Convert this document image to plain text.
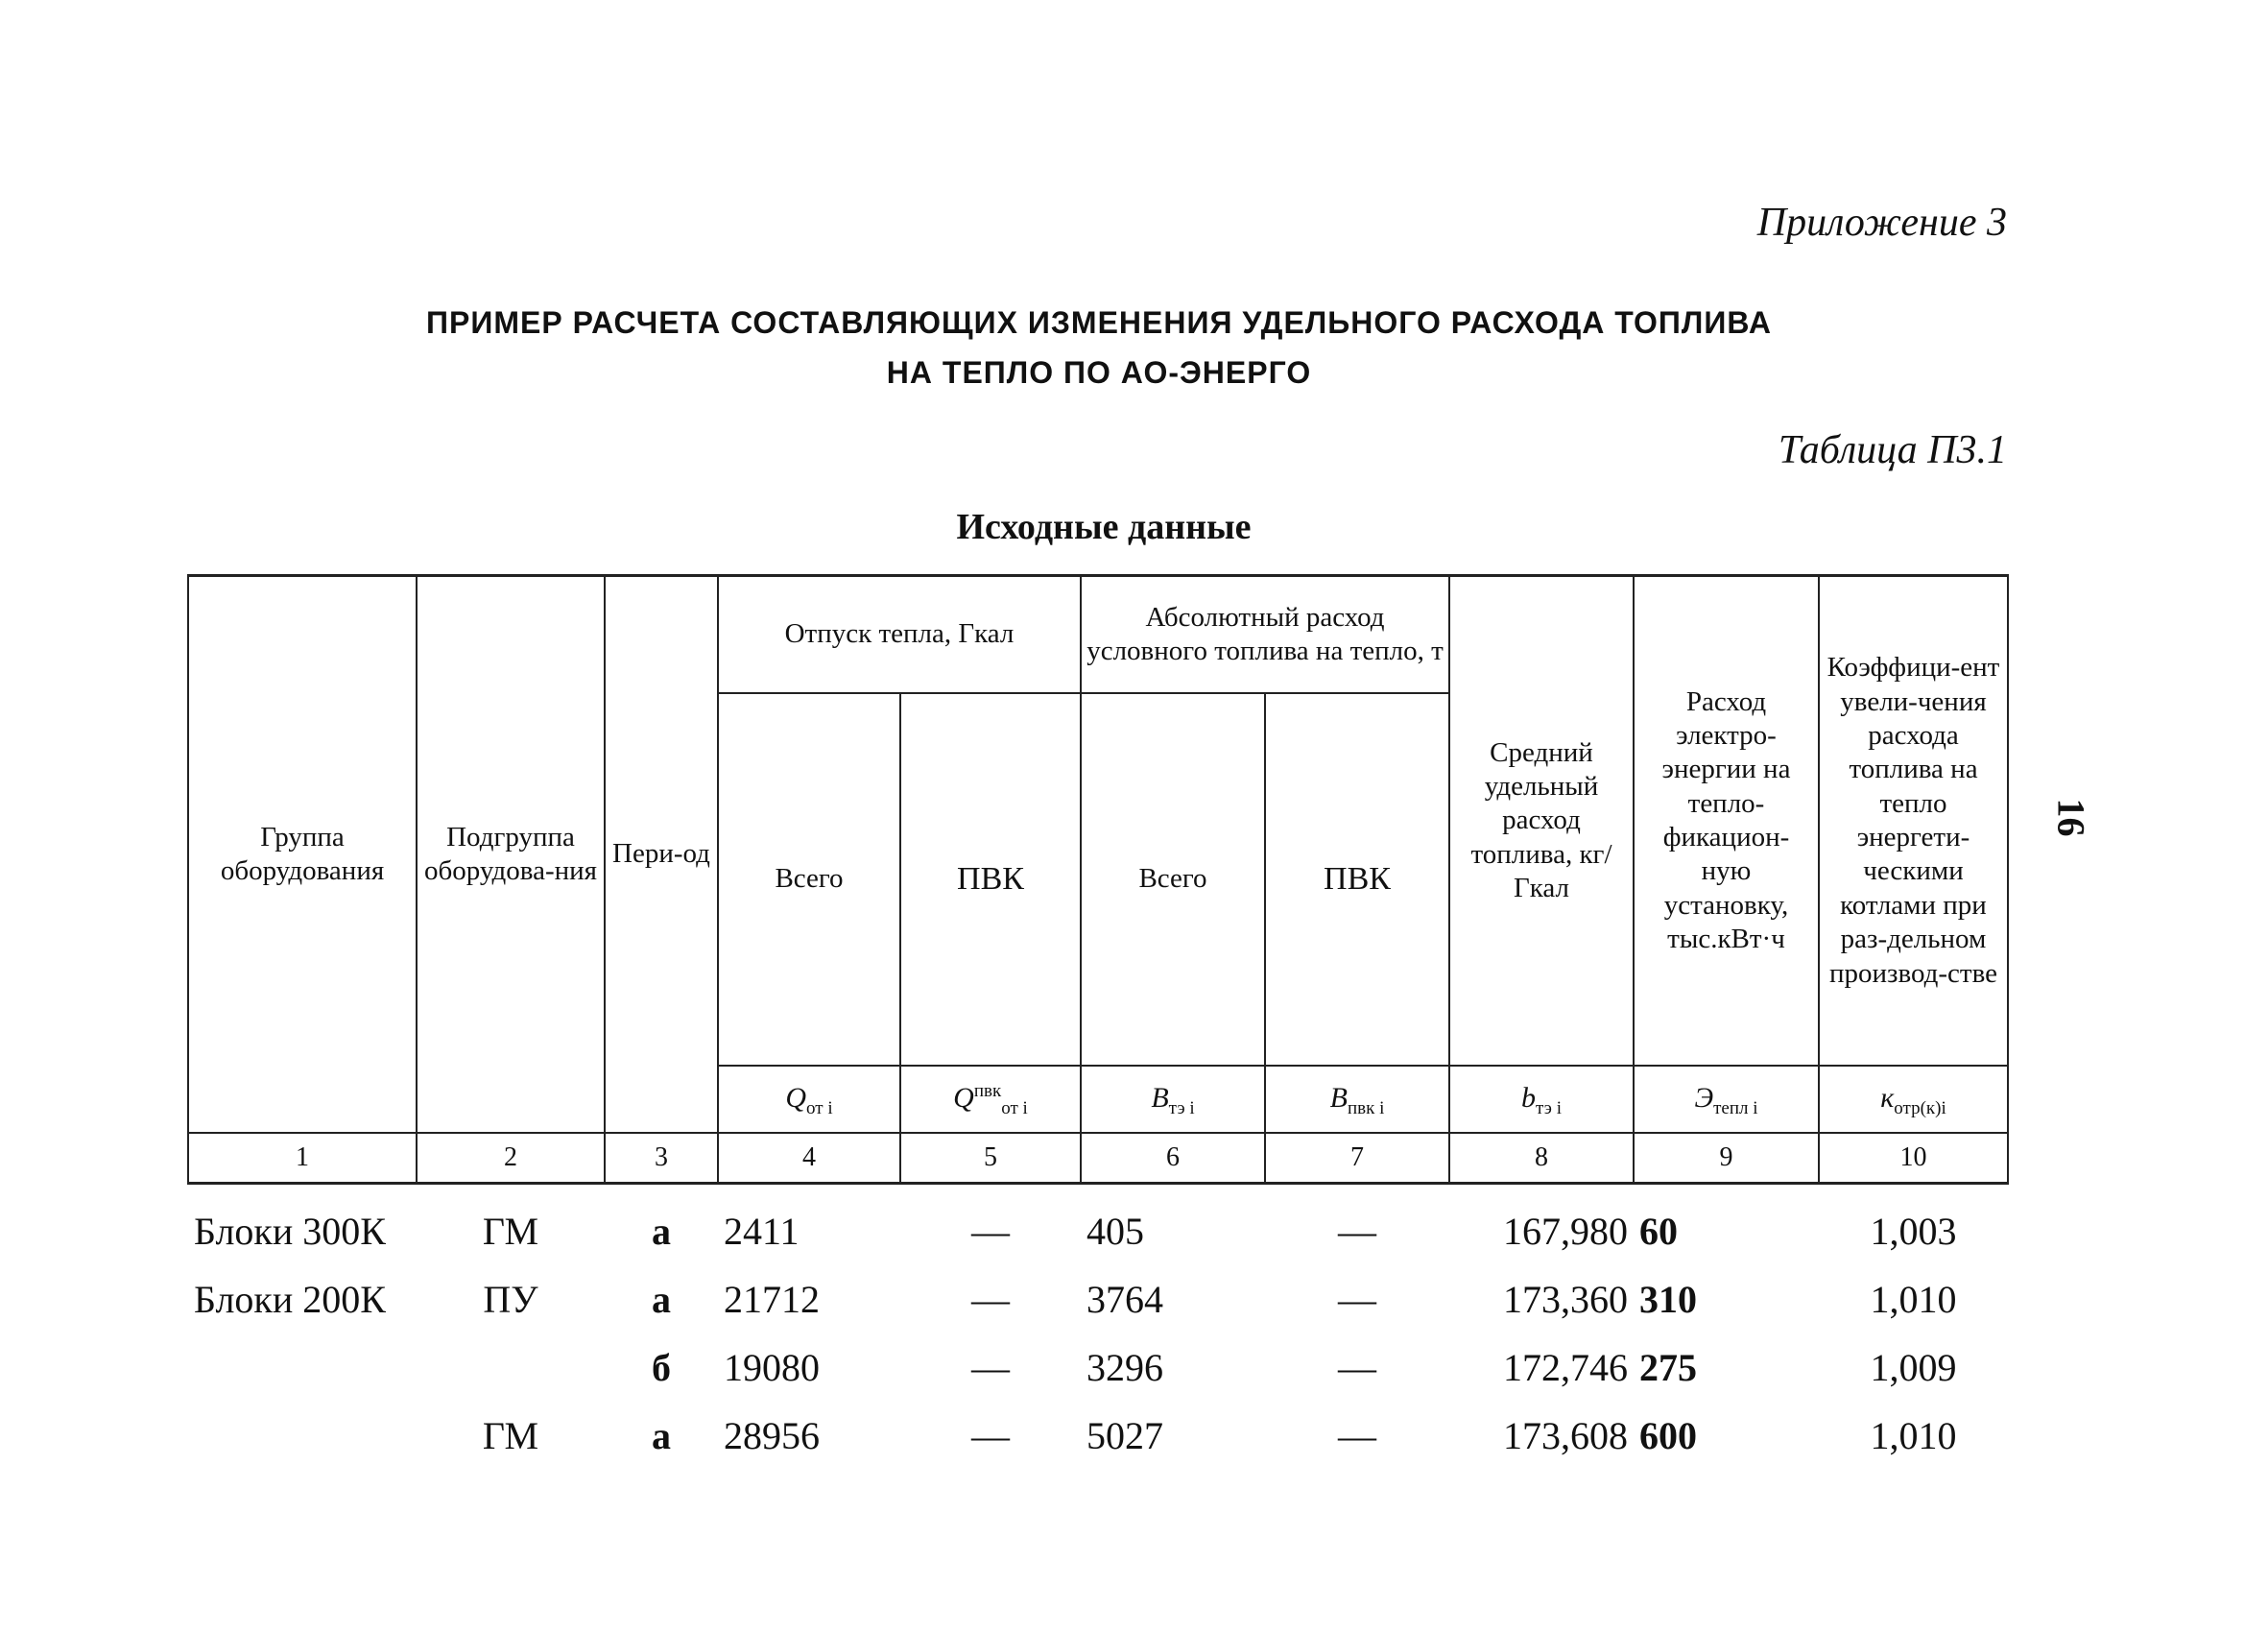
Приложение 3
ПРИМЕР РАСЧЕТА СОСТАВЛЯЮЩИХ ИЗМЕНЕНИЯ УДЕЛЬНОГО РАСХОДА ТОПЛИВА
НА ТЕПЛО ПО АО-ЭНЕРГО
Таблица П3.1
Исходные данные
16
Группа оборудования	Подгруппа оборудова-ния	Пери-од	Отпуск тепла, Гкал		Абсолютный расход условного топлива на тепло, т		Средний удельный расход топлива, кг/Гкал	Расход электро-энергии на тепло-фикацион-ную установку, тыс.кВт·ч	Коэффици-ент увели-чения расхода топлива на тепло энергети-ческими котлами при раз-дельном производ-стве
			Всего	ПВК	Всего	ПВК			
			$Q_{от i}$	$Q^{пвк}_{от i}$	$B_{тэ i}$	$B_{пвк i}$	$b_{тэ i}$	$Э_{тепл i}$	$к_{отр(к)i}$
1	2	3	4	5	6	7	8	9	10
Блоки 300К	ГМ	а	2411	—	405	—	167,980	60	1,003
Блоки 200К	ПУ	а	21712	—	3764	—	173,360	310	1,010
		б	19080	—	3296	—	172,746	275	1,009
	ГМ	а	28956	—	5027	—	173,608	600	1,010
